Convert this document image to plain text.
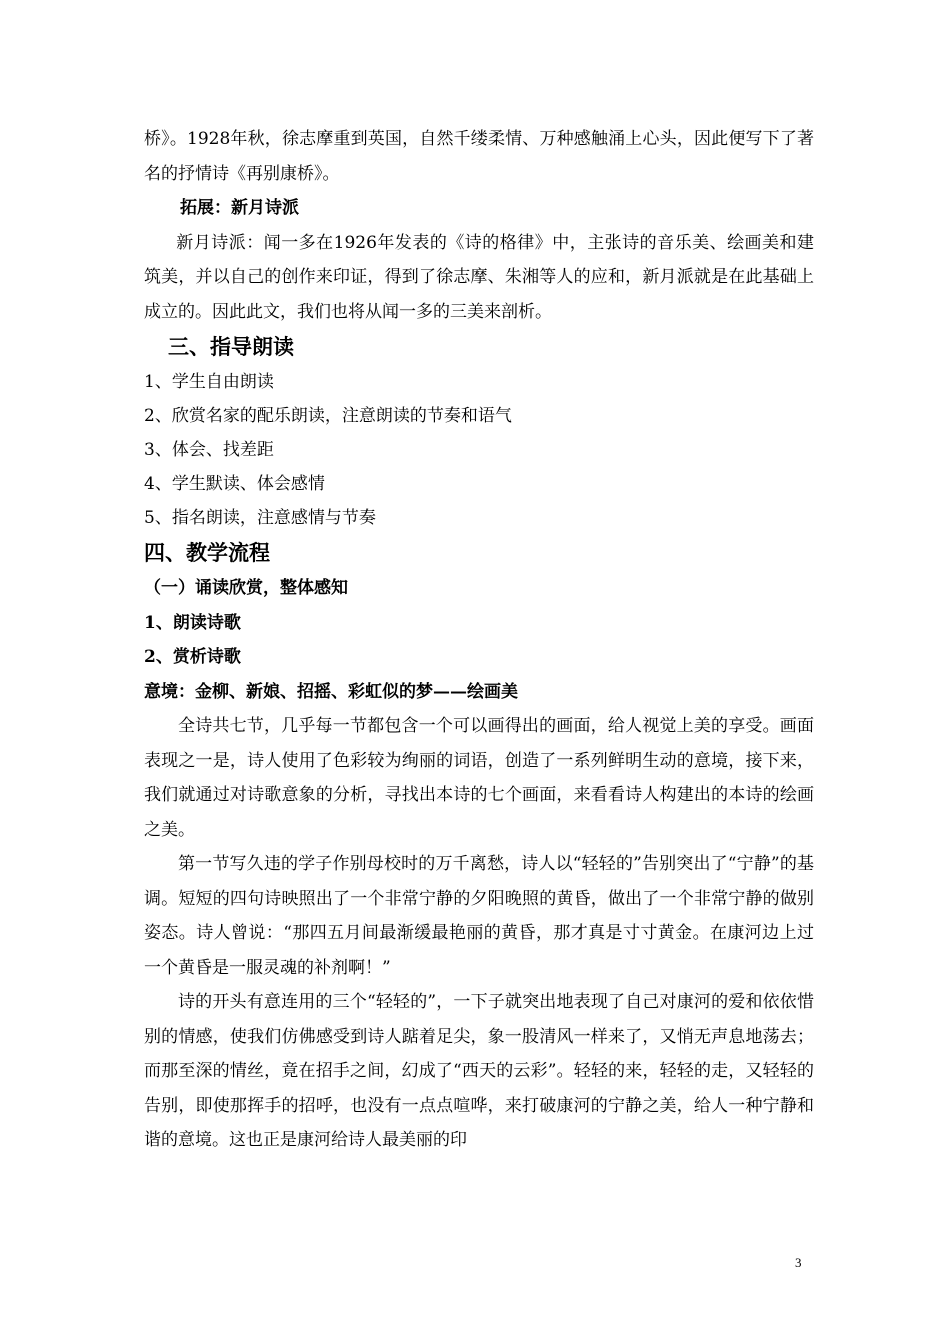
桥》。1928年秋，徐志摩重到英国，自然千缕柔情、万种感触涌上心头，因此便写下了著名的抒情诗《再别康桥》。

拓展：新月诗派

新月诗派：闻一多在1926年发表的《诗的格律》中，主张诗的音乐美、绘画美和建筑美，并以自己的创作来印证，得到了徐志摩、朱湘等人的应和，新月派就是在此基础上成立的。因此此文，我们也将从闻一多的三美来剖析。

三、指导朗读

1、学生自由朗读

2、欣赏名家的配乐朗读，注意朗读的节奏和语气

3、体会、找差距

4、学生默读、体会感情

5、指名朗读，注意感情与节奏

四、教学流程

（一）诵读欣赏，整体感知

1、朗读诗歌

2、赏析诗歌

意境：金柳、新娘、招摇、彩虹似的梦——绘画美

全诗共七节，几乎每一节都包含一个可以画得出的画面，给人视觉上美的享受。画面表现之一是，诗人使用了色彩较为绚丽的词语，创造了一系列鲜明生动的意境，接下来，我们就通过对诗歌意象的分析，寻找出本诗的七个画面，来看看诗人构建出的本诗的绘画之美。

第一节写久违的学子作别母校时的万千离愁，诗人以“轻轻的”告别突出了“宁静”的基调。短短的四句诗映照出了一个非常宁静的夕阳晚照的黄昏，做出了一个非常宁静的做别姿态。诗人曾说：“那四五月间最渐缓最艳丽的黄昏，那才真是寸寸黄金。在康河边上过一个黄昏是一服灵魂的补剂啊！”

诗的开头有意连用的三个“轻轻的”，一下子就突出地表现了自己对康河的爱和依依惜别的情感，使我们仿佛感受到诗人踮着足尖，象一股清风一样来了，又悄无声息地荡去；而那至深的情丝，竟在招手之间，幻成了“西天的云彩”。轻轻的来，轻轻的走，又轻轻的告别，即使那挥手的招呼，也没有一点点喧哗，来打破康河的宁静之美，给人一种宁静和谐的意境。这也正是康河给诗人最美丽的印

3
